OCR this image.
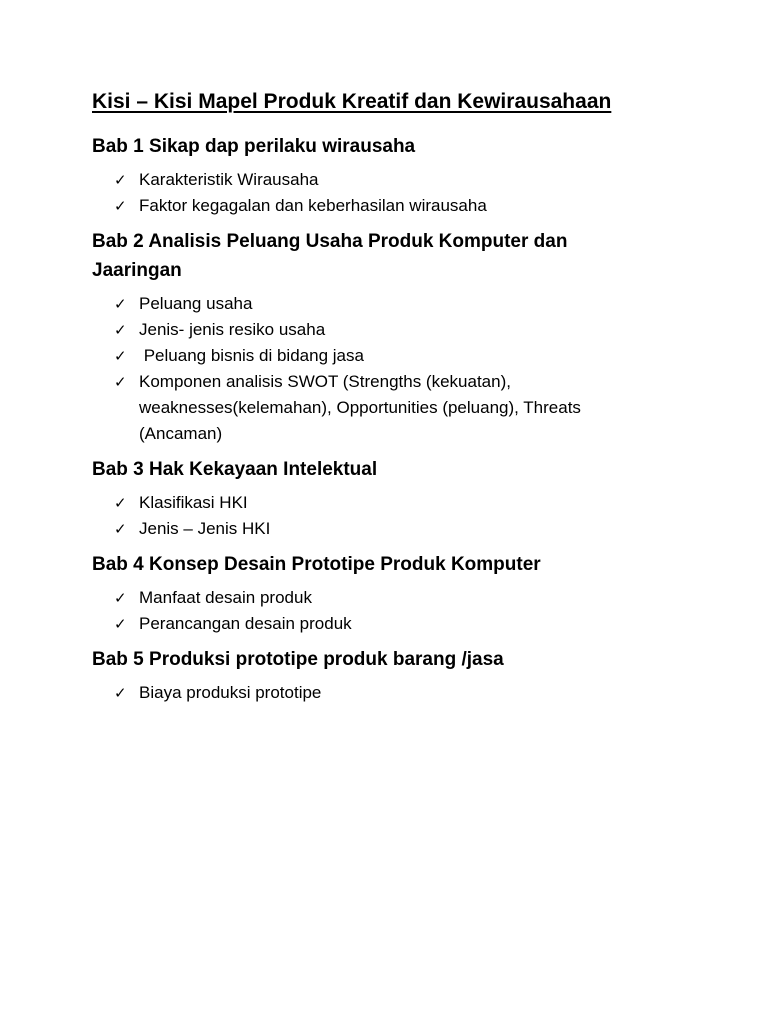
Kisi – Kisi Mapel Produk Kreatif dan Kewirausahaan
Bab 1 Sikap dap perilaku wirausaha
✓ Karakteristik Wirausaha
✓ Faktor kegagalan dan keberhasilan wirausaha
Bab 2 Analisis Peluang Usaha Produk Komputer dan Jaaringan
✓ Peluang usaha
✓ Jenis- jenis resiko usaha
✓ Peluang bisnis di bidang jasa
✓ Komponen analisis SWOT (Strengths (kekuatan), weaknesses(kelemahan), Opportunities (peluang), Threats (Ancaman)
Bab 3 Hak Kekayaan Intelektual
✓ Klasifikasi HKI
✓ Jenis – Jenis HKI
Bab 4 Konsep Desain Prototipe Produk Komputer
✓ Manfaat desain produk
✓ Perancangan desain produk
Bab 5 Produksi prototipe produk barang /jasa
✓ Biaya produksi prototipe
